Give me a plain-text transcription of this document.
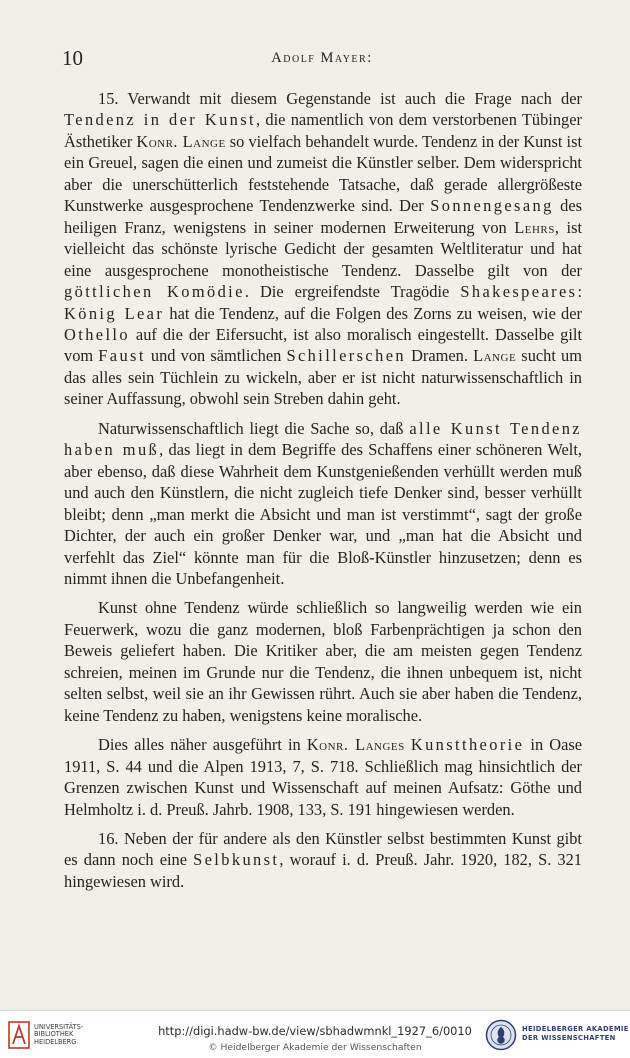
10	Adolf Mayer:

15. Verwandt mit diesem Gegenstande ist auch die Frage nach der Tendenz in der Kunst, die namentlich von dem verstorbenen Tübinger Ästhetiker Konr. Lange so vielfach behandelt wurde. Tendenz in der Kunst ist ein Greuel, sagen die einen und zumeist die Künstler selber. Dem widerspricht aber die unerschütterlich feststehende Tatsache, daß gerade allergrößeste Kunstwerke ausgesprochene Tendenzwerke sind. Der Sonnengesang des heiligen Franz, wenigstens in seiner modernen Erweiterung von Lehrs, ist vielleicht das schönste lyrische Gedicht der gesamten Weltliteratur und hat eine ausgesprochene monotheistische Tendenz. Dasselbe gilt von der göttlichen Komödie. Die ergreifendste Tragödie Shakespeares: König Lear hat die Tendenz, auf die Folgen des Zorns zu weisen, wie der Othello auf die der Eifersucht, ist also moralisch eingestellt. Dasselbe gilt vom Faust und von sämtlichen Schillerschen Dramen. Lange sucht um das alles sein Tüchlein zu wickeln, aber er ist nicht naturwissenschaftlich in seiner Auffassung, obwohl sein Streben dahin geht.

Naturwissenschaftlich liegt die Sache so, daß alle Kunst Tendenz haben muß, das liegt in dem Begriffe des Schaffens einer schöneren Welt, aber ebenso, daß diese Wahrheit dem Kunstgenießenden verhüllt werden muß und auch den Künstlern, die nicht zugleich tiefe Denker sind, besser verhüllt bleibt; denn „man merkt die Absicht und man ist verstimmt“, sagt der große Dichter, der auch ein großer Denker war, und „man hat die Absicht und verfehlt das Ziel“ könnte man für die Bloß-Künstler hinzusetzen; denn es nimmt ihnen die Unbefangenheit.

Kunst ohne Tendenz würde schließlich so langweilig werden wie ein Feuerwerk, wozu die ganz modernen, bloß Farbenprächtigen ja schon den Beweis geliefert haben. Die Kritiker aber, die am meisten gegen Tendenz schreien, meinen im Grunde nur die Tendenz, die ihnen unbequem ist, nicht selten selbst, weil sie an ihr Gewissen rührt. Auch sie aber haben die Tendenz, keine Tendenz zu haben, wenigstens keine moralische.

Dies alles näher ausgeführt in Konr. Langes Kunsttheorie in Oase 1911, S. 44 und die Alpen 1913, 7, S. 718. Schließlich mag hinsichtlich der Grenzen zwischen Kunst und Wissenschaft auf meinen Aufsatz: Göthe und Helmholtz i. d. Preuß. Jahrb. 1908, 133, S. 191 hingewiesen werden.

16. Neben der für andere als den Künstler selbst bestimmten Kunst gibt es dann noch eine Selbkunst, worauf i. d. Preuß. Jahr. 1920, 182, S. 321 hingewiesen wird.

UNIVERSITÄTS-
BIBLIOTHEK
HEIDELBERG
http://digi.hadw-bw.de/view/sbhadwmnkl_1927_6/0010
© Heidelberger Akademie der Wissenschaften
HEIDELBERGER AKADEMIE
DER WISSENSCHAFTEN
